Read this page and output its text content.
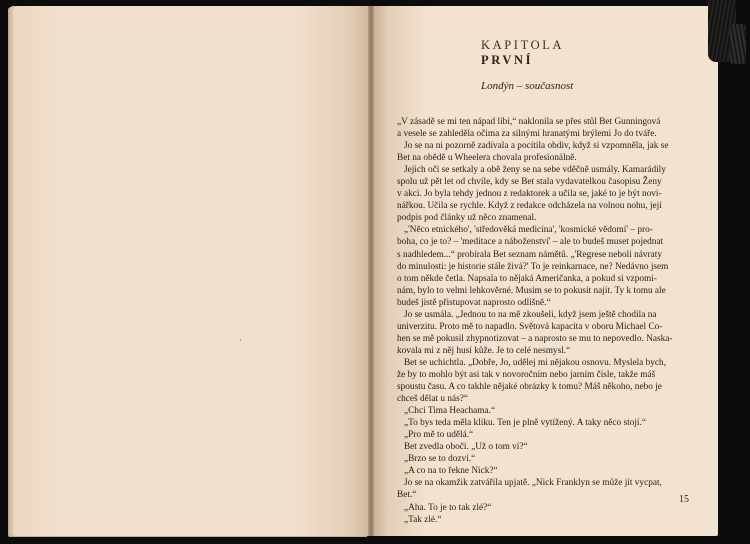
ˌ
KAPITOLA
PRVNÍ
Londýn – současnost

„V zásadě se mi ten nápad líbí,“ naklonila se přes stůl Bet Gunningová

a vesele se zahleděla očima za silnými hranatými brýlemi Jo do tváře.

Jo se na ni pozorně zadívala a pocítila obdiv, když si vzpomněla, jak se

Bet na obědě u Wheelera chovala profesionálně.

Jejich oči se setkaly a obě ženy se na sebe vděčně usmály. Kamarádily

spolu už pět let od chvíle, kdy se Bet stala vydavatelkou časopisu Ženy

v akci. Jo byla tehdy jednou z redaktorek a učila se, jaké to je být novi-

nářkou. Učila se rychle. Když z redakce odcházela na volnou nohu, její

podpis pod články už něco znamenal.

„'Něco etnického', 'středověká medicína', 'kosmické vědomí' – pro-

boha, co je to? – 'meditace a náboženství' – ale to budeš muset pojednat

s nadhledem...“ probírala Bet seznam námětů. „'Regrese neboli návraty

do minulosti: je historie stále živá?' To je reinkarnace, ne? Nedávno jsem

o tom někde četla. Napsala to nějaká Američanka, a pokud si vzpomí-

nám, bylo to velmi lehkověrné. Musím se to pokusit najít. Ty k tomu ale

budeš jistě přistupovat naprosto odlišně.“

Jo se usmála. „Jednou to na mě zkoušeli, když jsem ještě chodila na

univerzitu. Proto mě to napadlo. Světová kapacita v oboru Michael Co-

hen se mě pokusil zhypnotizovat – a naprosto se mu to nepovedlo. Naska-

kovala mi z něj husí kůže. Je to celé nesmysl.“

Bet se uchichtla. „Dobře, Jo, udělej mi nějakou osnovu. Myslela bych,

že by to mohlo být asi tak v novoročním nebo jarním čísle, takže máš

spoustu času. A co takhle nějaké obrázky k tomu? Máš někoho, nebo je

chceš dělat u nás?“

„Chci Tima Heachama.“

„To bys teda měla kliku. Ten je plně vytížený. A taky něco stojí.“

„Pro mě to udělá.“

Bet zvedla obočí. „Už o tom ví?“

„Brzo se to dozví.“

„A co na to řekne Nick?“

Jo se na okamžik zatvářila upjatě. „Nick Franklyn se může jít vycpat,

Bet.“

„Aha. To je to tak zlé?“

„Tak zlé.“

15
